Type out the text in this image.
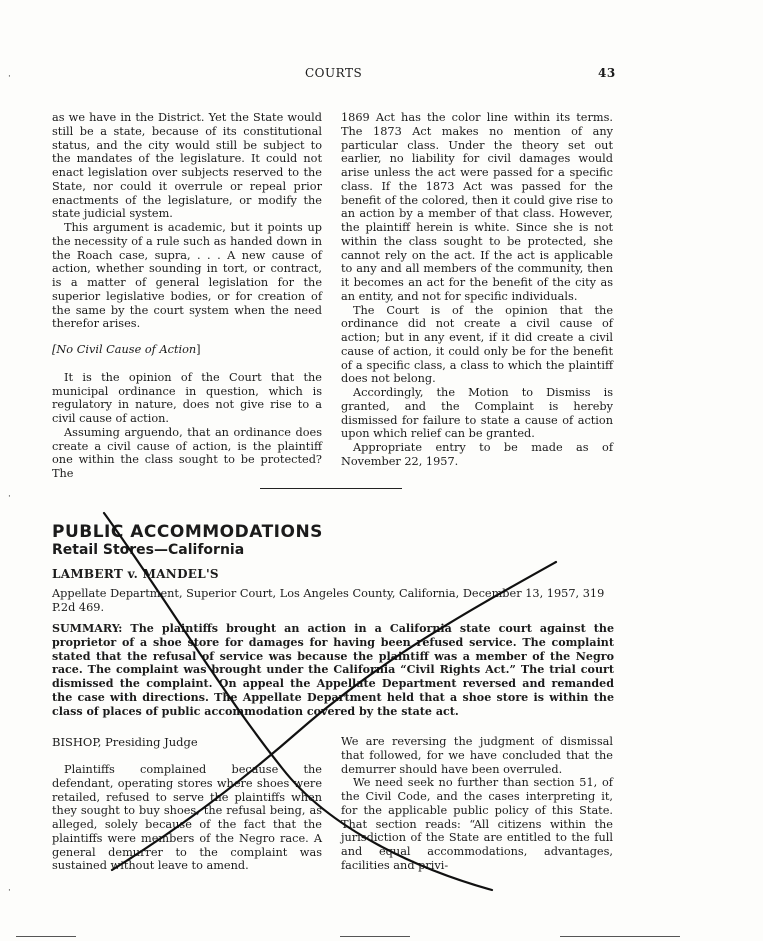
COURTS	43

as we have in the District. Yet the State would still be a state, because of its constitutional status, and the city would still be subject to the mandates of the legislature. It could not enact legislation over subjects reserved to the State, nor could it overrule or repeal prior enactments of the legislature, or modify the state judicial system.

This argument is academic, but it points up the necessity of a rule such as handed down in the Roach case, supra, . . . A new cause of action, whether sounding in tort, or contract, is a matter of general legislation for the superior legislative bodies, or for creation of the same by the court system when the need therefor arises.

[No Civil Cause of Action]

It is the opinion of the Court that the municipal ordinance in question, which is regulatory in nature, does not give rise to a civil cause of action.

Assuming arguendo, that an ordinance does create a civil cause of action, is the plaintiff one within the class sought to be protected? The

1869 Act has the color line within its terms. The 1873 Act makes no mention of any particular class. Under the theory set out earlier, no liability for civil damages would arise unless the act were passed for a specific class. If the 1873 Act was passed for the benefit of the colored, then it could give rise to an action by a member of that class. However, the plaintiff herein is white. Since she is not within the class sought to be protected, she cannot rely on the act. If the act is applicable to any and all members of the community, then it becomes an act for the benefit of the city as an entity, and not for specific individuals.

The Court is of the opinion that the ordinance did not create a civil cause of action; but in any event, if it did create a civil cause of action, it could only be for the benefit of a specific class, a class to which the plaintiff does not belong.

Accordingly, the Motion to Dismiss is granted, and the Complaint is hereby dismissed for failure to state a cause of action upon which relief can be granted.

Appropriate entry to be made as of November 22, 1957.

PUBLIC ACCOMMODATIONS
Retail Stores—California
LAMBERT v. MANDEL'S
Appellate Department, Superior Court, Los Angeles County, California, December 13, 1957, 319 P.2d 469.
SUMMARY: The plaintiffs brought an action in a California state court against the proprietor of a shoe store for damages for having been refused service. The complaint stated that the refusal of service was because the plaintiff was a member of the Negro race. The complaint was brought under the California “Civil Rights Act.” The trial court dismissed the complaint. On appeal the Appellate Department reversed and remanded the case with directions. The Appellate Department held that a shoe store is within the class of places of public accommodation covered by the state act.
BISHOP, Presiding Judge

Plaintiffs complained because the defendant, operating stores where shoes were retailed, refused to serve the plaintiffs when they sought to buy shoes, the refusal being, as alleged, solely because of the fact that the plaintiffs were members of the Negro race. A general demurrer to the complaint was sustained without leave to amend.

We are reversing the judgment of dismissal that followed, for we have concluded that the demurrer should have been overruled.

We need seek no further than section 51, of the Civil Code, and the cases interpreting it, for the applicable public policy of this State. That section reads: “All citizens within the jurisdiction of the State are entitled to the full and equal accommodations, advantages, facilities and privi-

·
·
·
